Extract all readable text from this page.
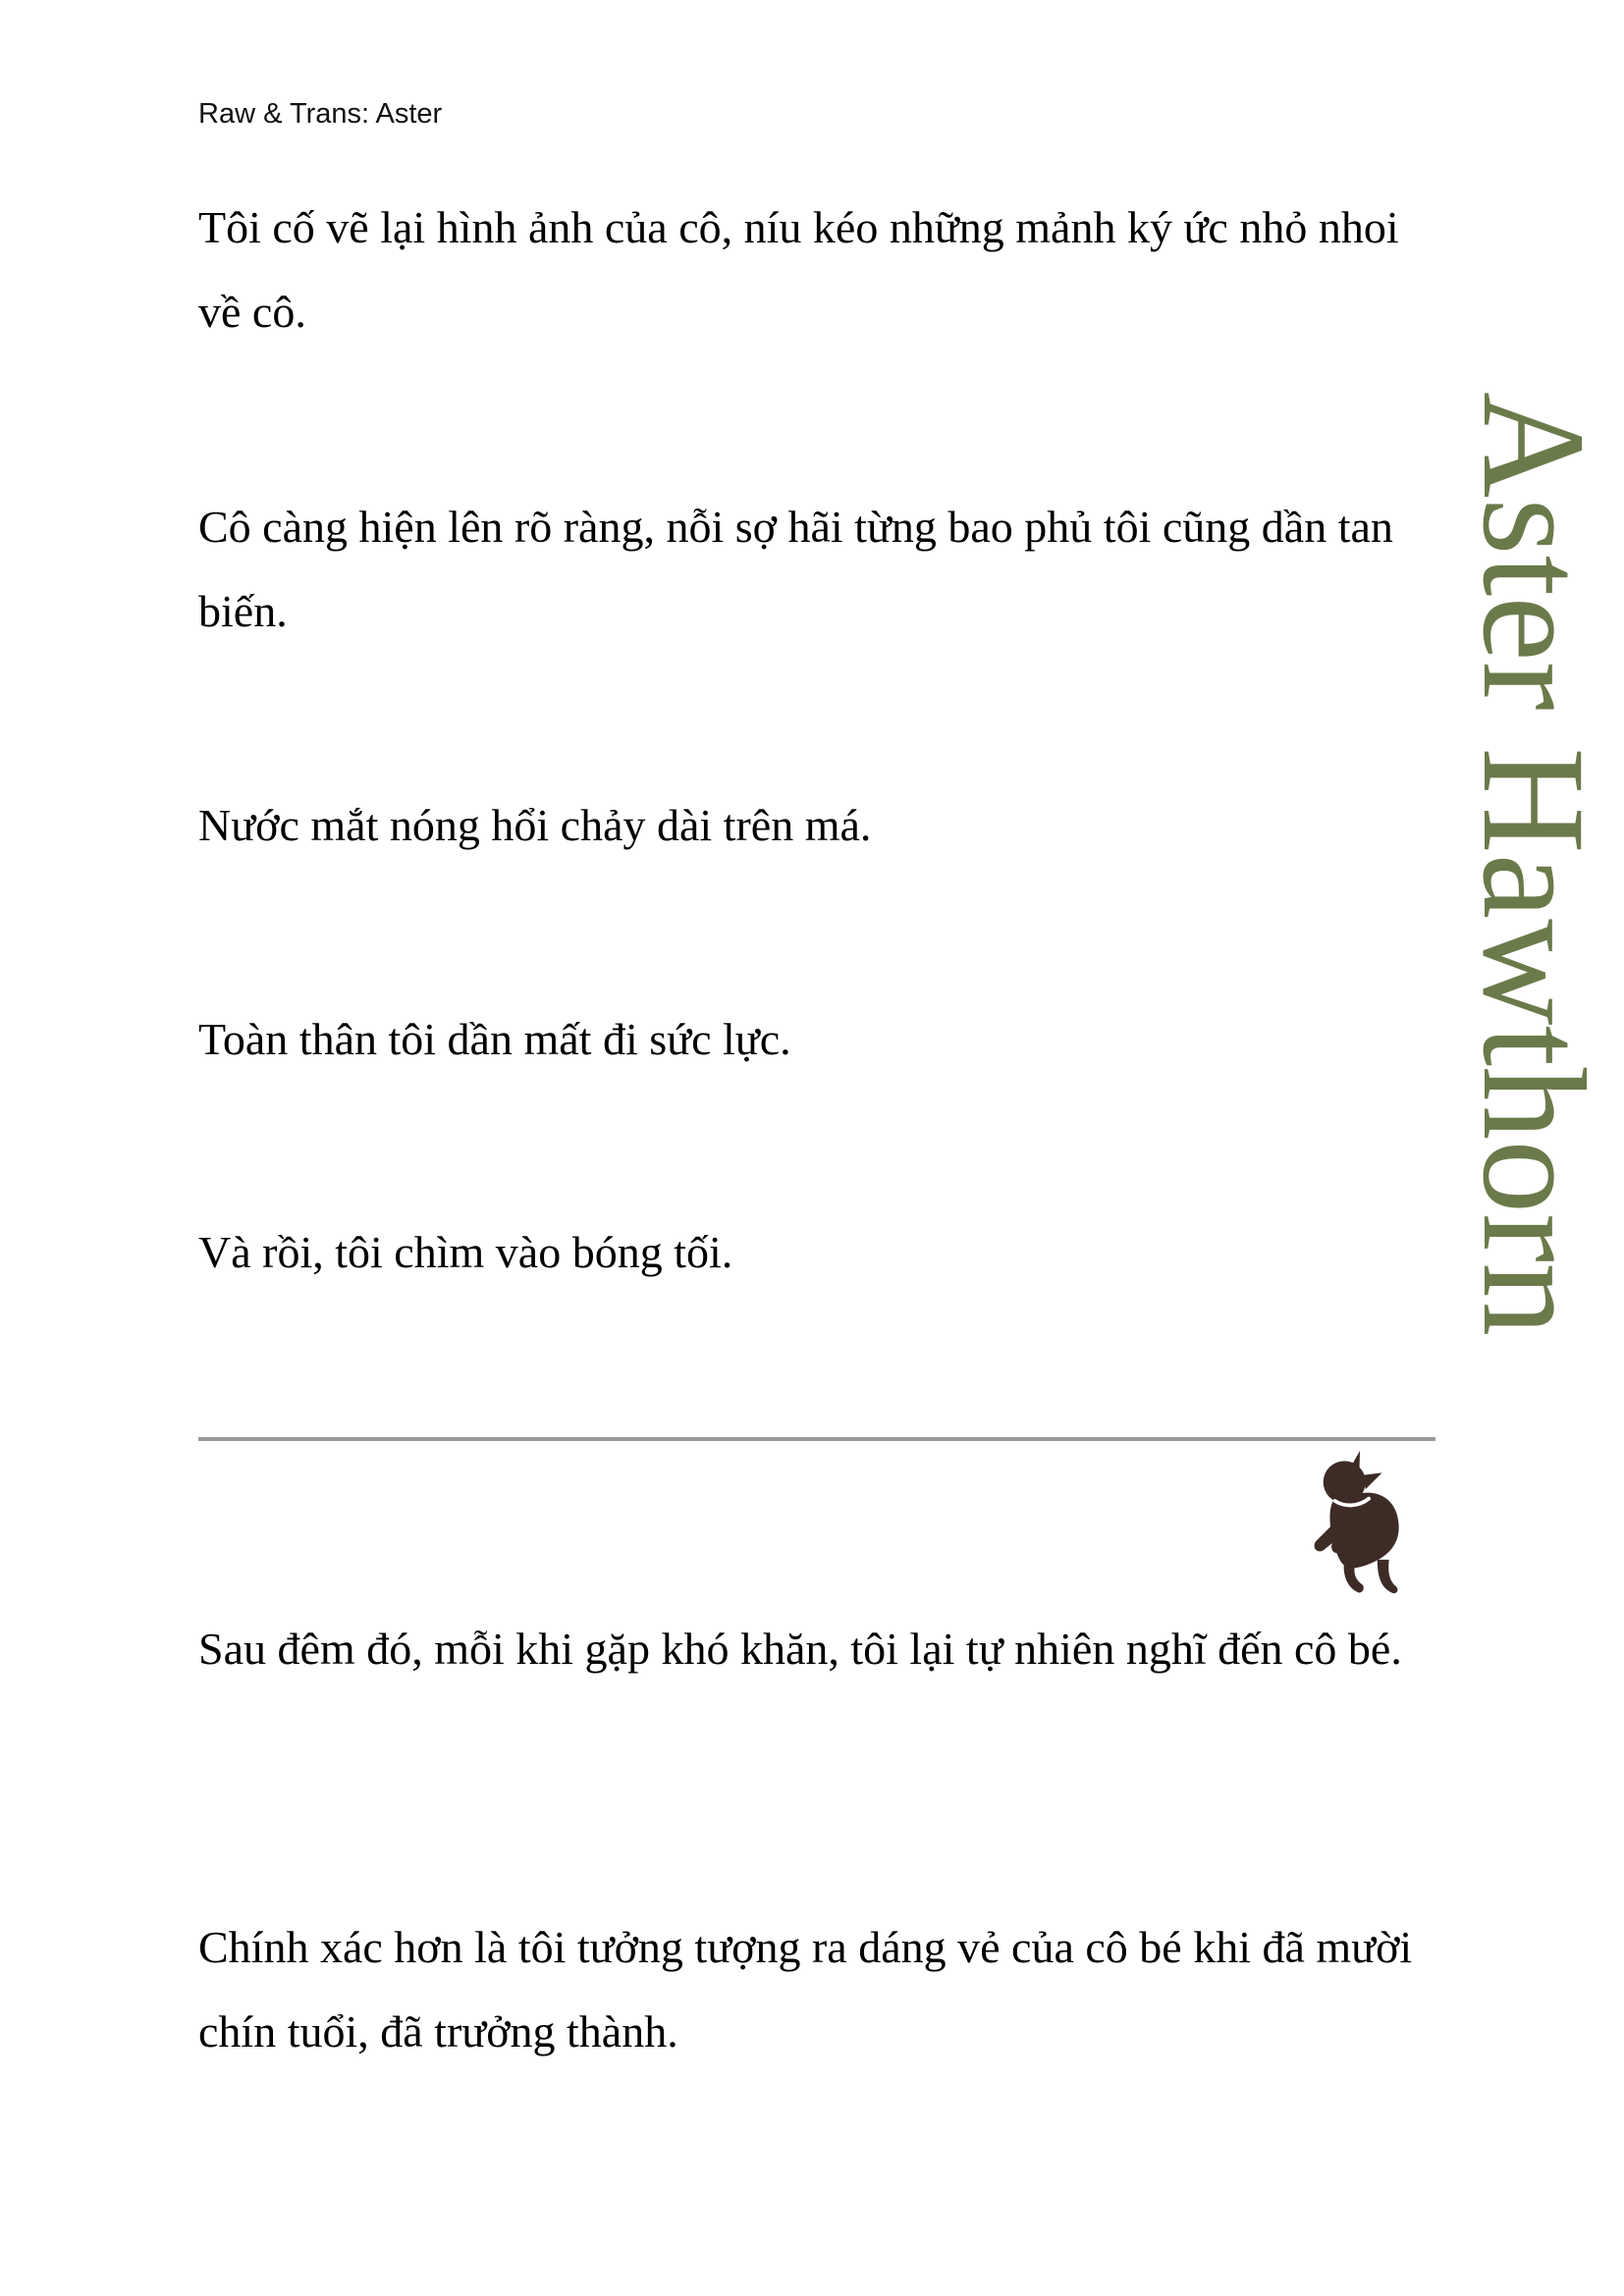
Raw & Trans: Aster

Tôi cố vẽ lại hình ảnh của cô, níu kéo những mảnh ký ức nhỏ nhoi về cô.

Cô càng hiện lên rõ ràng, nỗi sợ hãi từng bao phủ tôi cũng dần tan biến.

Nước mắt nóng hổi chảy dài trên má.

Toàn thân tôi dần mất đi sức lực.

Và rồi, tôi chìm vào bóng tối.

Sau đêm đó, mỗi khi gặp khó khăn, tôi lại tự nhiên nghĩ đến cô bé.

Chính xác hơn là tôi tưởng tượng ra dáng vẻ của cô bé khi đã mười chín tuổi, đã trưởng thành.

Aster Hawthorn
